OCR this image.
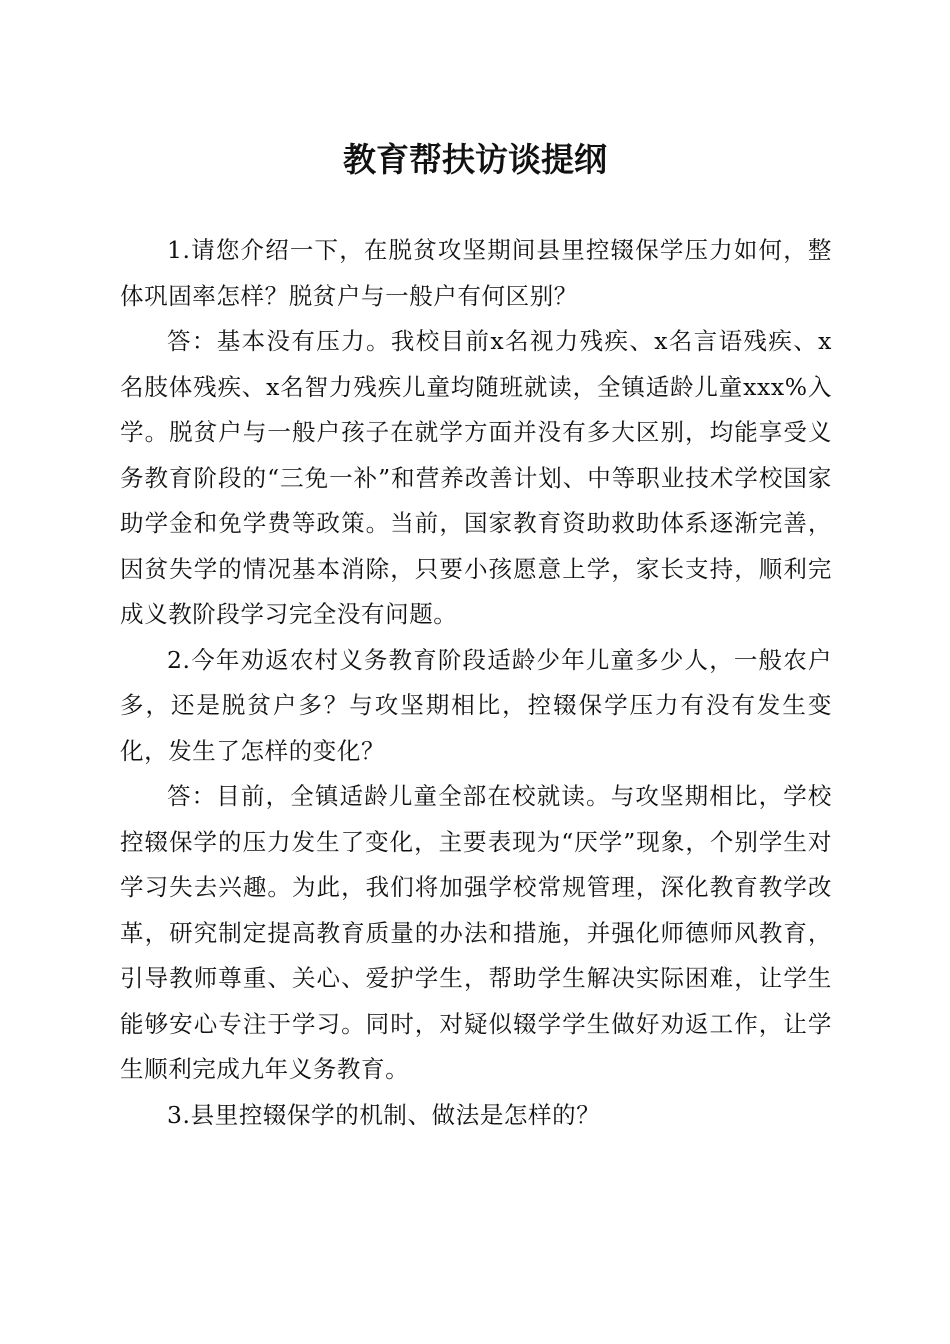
教育帮扶访谈提纲

1.请您介绍一下，在脱贫攻坚期间县里控辍保学压力如何，整体巩固率怎样？脱贫户与一般户有何区别？

答：基本没有压力。我校目前x名视力残疾、x名言语残疾、x名肢体残疾、x名智力残疾儿童均随班就读，全镇适龄儿童xxx%入学。脱贫户与一般户孩子在就学方面并没有多大区别，均能享受义务教育阶段的“三免一补”和营养改善计划、中等职业技术学校国家助学金和免学费等政策。当前，国家教育资助救助体系逐渐完善，因贫失学的情况基本消除，只要小孩愿意上学，家长支持，顺利完成义教阶段学习完全没有问题。

2.今年劝返农村义务教育阶段适龄少年儿童多少人，一般农户多，还是脱贫户多？与攻坚期相比，控辍保学压力有没有发生变化，发生了怎样的变化？

答：目前，全镇适龄儿童全部在校就读。与攻坚期相比，学校控辍保学的压力发生了变化，主要表现为“厌学”现象，个别学生对学习失去兴趣。为此，我们将加强学校常规管理，深化教育教学改革，研究制定提高教育质量的办法和措施，并强化师德师风教育，引导教师尊重、关心、爱护学生，帮助学生解决实际困难，让学生能够安心专注于学习。同时，对疑似辍学学生做好劝返工作，让学生顺利完成九年义务教育。

3.县里控辍保学的机制、做法是怎样的？
